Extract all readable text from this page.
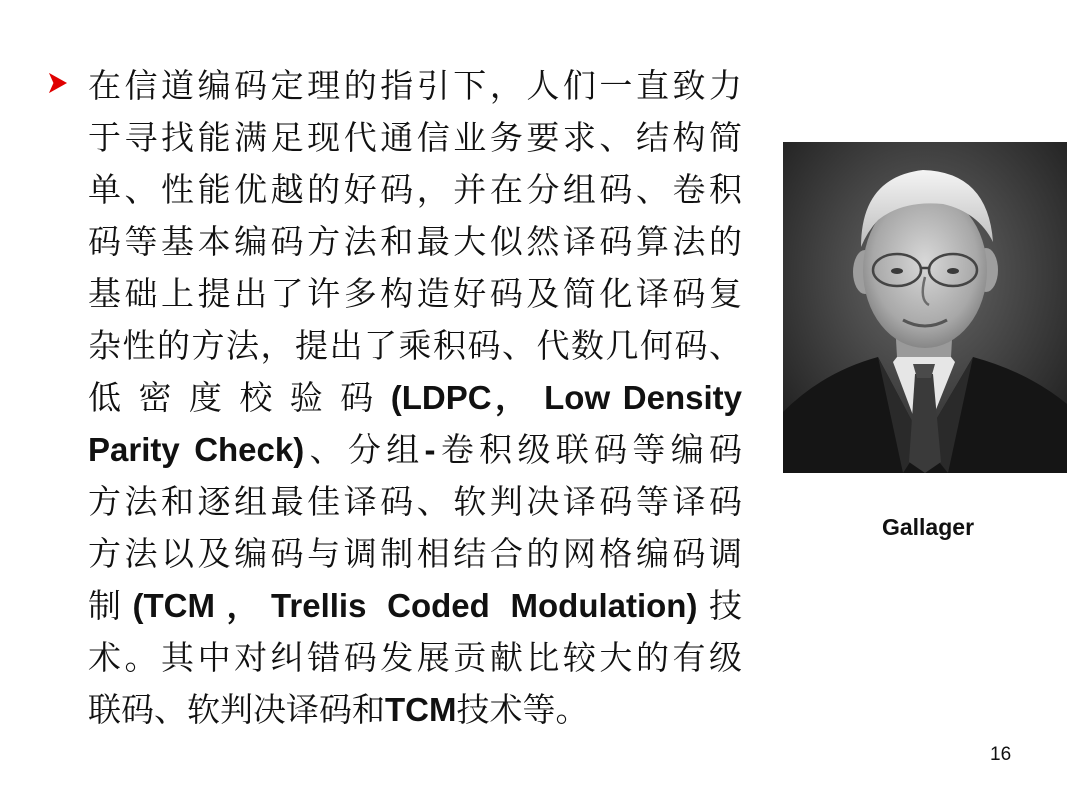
在信道编码定理的指引下，人们一直致力
于寻找能满足现代通信业务要求、结构简
单、性能优越的好码，并在分组码、卷积
码等基本编码方法和最大似然译码算法的
基础上提出了许多构造好码及简化译码复
杂性的方法，提出了乘积码、代数几何码、
低 密 度 校 验 码 (LDPC， Low Density
Parity Check)、分组-卷积级联码等编码
方法和逐组最佳译码、软判决译码等译码
方法以及编码与调制相结合的网格编码调
制(TCM，Trellis Coded Modulation)技
术。其中对纠错码发展贡献比较大的有级
联码、软判决译码和TCM技术等。
Gallager
16
